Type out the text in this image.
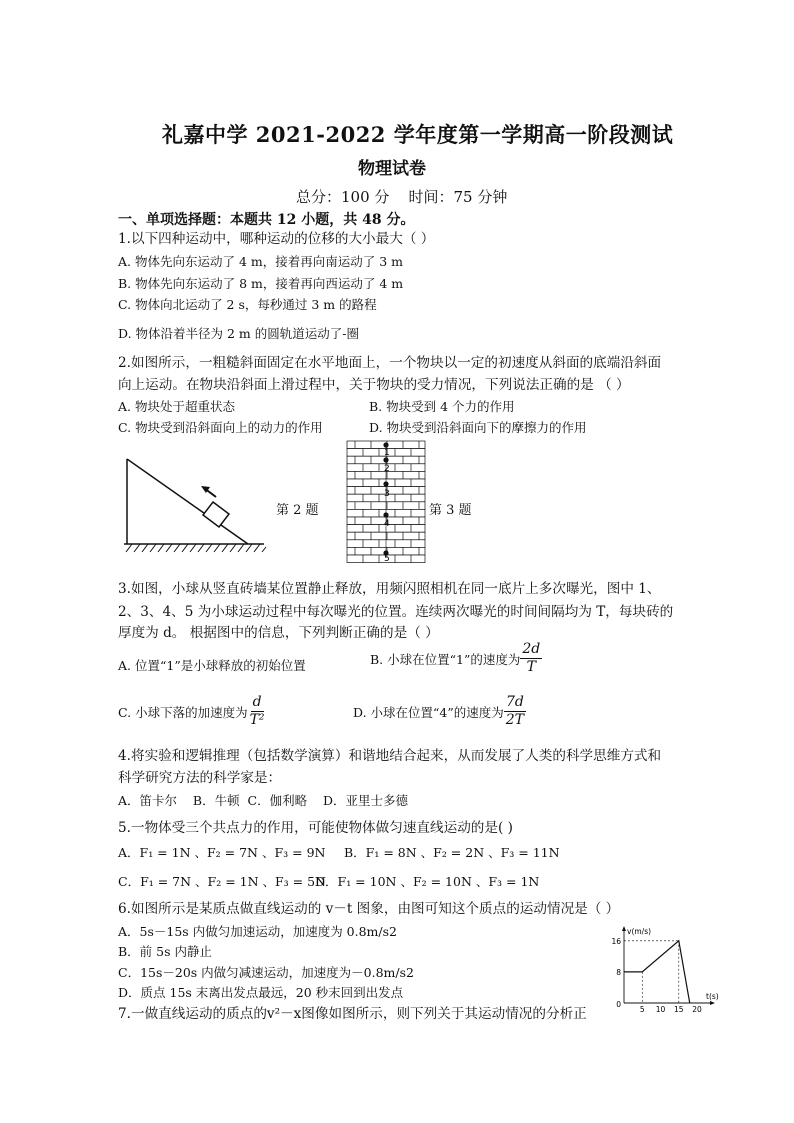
礼嘉中学 2021-2022 学年度第一学期高一阶段测试
物理试卷
总分：100 分    时间：75 分钟
一、单项选择题：本题共 12 小题，共 48 分。
1.以下四种运动中，哪种运动的位移的大小最大（ ）
A. 物体先向东运动了 4 m，接着再向南运动了 3 m
B. 物体先向东运动了 8 m，接着再向西运动了 4 m
C. 物体向北运动了 2 s，每秒通过 3 m 的路程
D. 物体沿着半径为 2 m 的圆轨道运动了-圈
2.如图所示，一粗糙斜面固定在水平地面上，一个物块以一定的初速度从斜面的底端沿斜面
向上运动。在物块沿斜面上滑过程中，关于物块的受力情况，下列说法正确的是 （ ）
A. 物块处于超重状态	B. 物块受到 4 个力的作用
C. 物块受到沿斜面向上的动力的作用	D. 物块受到沿斜面向下的摩擦力的作用
第 2 题
1
2
3
4
5
第 3 题
3.如图，小球从竖直砖墙某位置静止释放，用频闪照相机在同一底片上多次曝光，图中 1、
2、3、4、5 为小球运动过程中每次曝光的位置。连续两次曝光的时间间隔均为 T，每块砖的
厚度为 d。 根据图中的信息，下列判断正确的是（ ）
A. 位置“1”是小球释放的初始位置	B. 小球在位置“1”的速度为 $\frac{2d}{T}$
C. 小球下落的加速度为 $\frac{d}{\text{T²}}$	D. 小球在位置“4”的速度为 $\frac{7d}{2T}$
4.将实验和逻辑推理（包括数学演算）和谐地结合起来，从而发展了人类的科学思维方式和
科学研究方法的科学家是：
A．笛卡尔    B．牛顿  C．伽利略    D．亚里士多德
5.一物体受三个共点力的作用，可能使物体做匀速直线运动的是( )
A．F₁ = 1N 、F₂ = 7N 、F₃ = 9N B．F₁ = 8N 、F₂ = 2N 、F₃ = 11N
C．F₁ = 7N 、F₂ = 1N 、F₃ = 5N
D．F₁ = 10N 、F₂ = 10N 、F₃ = 1N
6.如图所示是某质点做直线运动的 v－t 图象，由图可知这个质点的运动情况是（ ）
A．5s－15s 内做匀加速运动，加速度为 0.8m/s2
B．前 5s 内静止
C．15s－20s 内做匀减速运动，加速度为－0.8m/s2
D．质点 15s 末离出发点最远，20 秒末回到出发点
5 10 15 20
16
8
0
v(m/s)
t(s)
7.一做直线运动的质点的v²－x图像如图所示，则下列关于其运动情况的分析正
